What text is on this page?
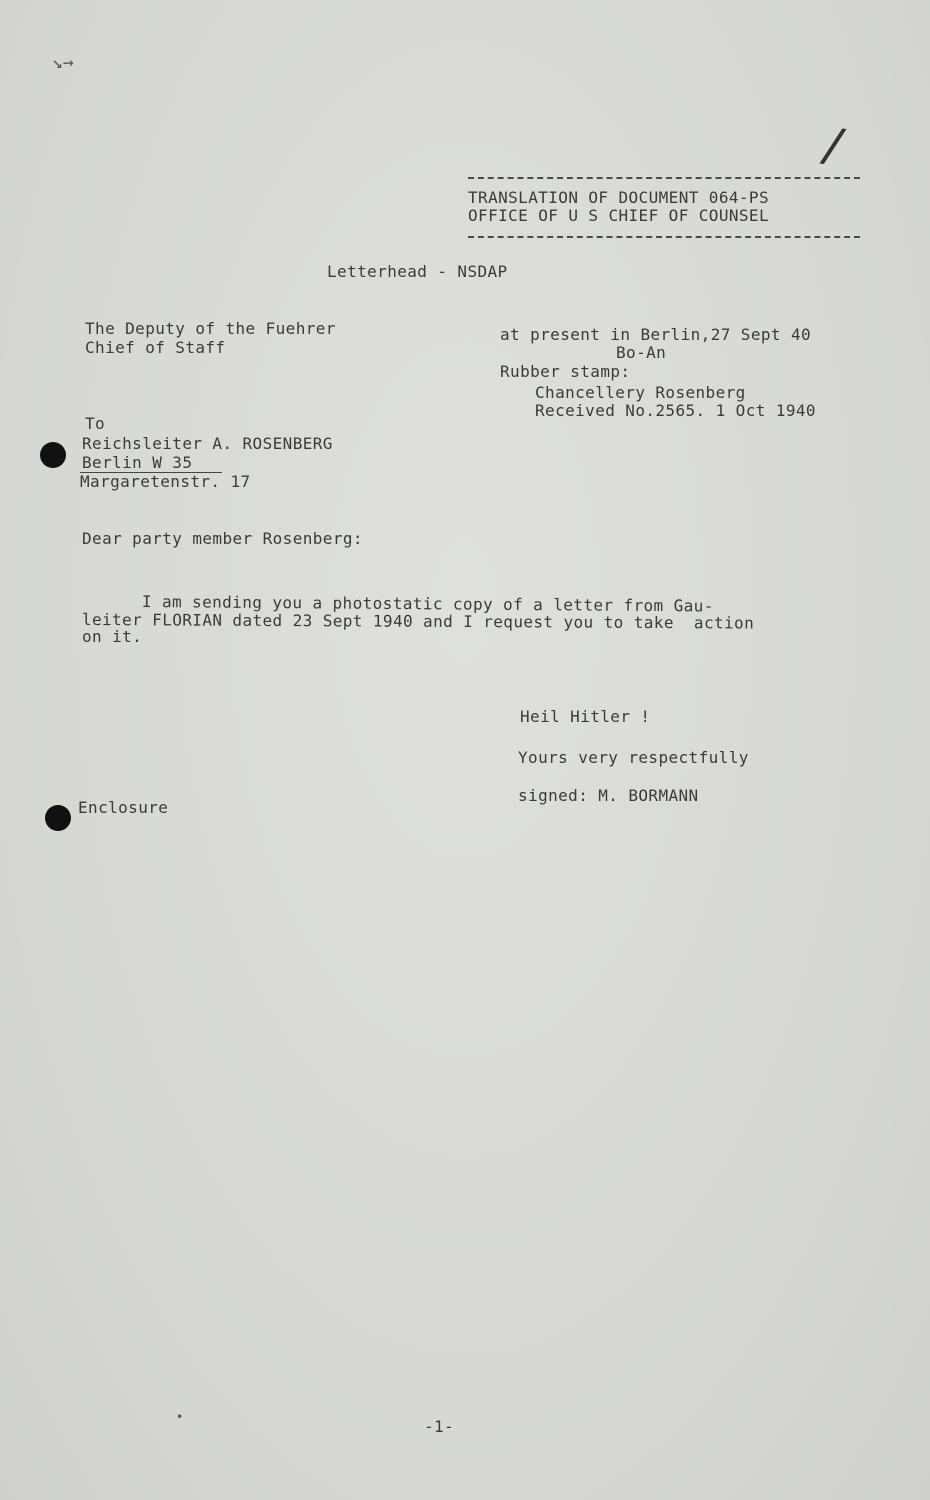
↘→
/
TRANSLATION OF DOCUMENT 064-PS
OFFICE OF U S CHIEF OF COUNSEL
Letterhead - NSDAP
The Deputy of the Fuehrer
Chief of Staff
at present in Berlin,27 Sept 40
Bo-An
Rubber stamp:
Chancellery Rosenberg
Received No.2565. 1 Oct 1940
To
Reichsleiter A. ROSENBERG
Berlin W 35
Margaretenstr. 17
Dear party member Rosenberg:
I am sending you a photostatic copy of a letter from Gau-
leiter FLORIAN dated 23 Sept 1940 and I request you to take  action
on it.
Heil Hitler !
Yours very respectfully
signed: M. BORMANN
Enclosure
-1-
•
